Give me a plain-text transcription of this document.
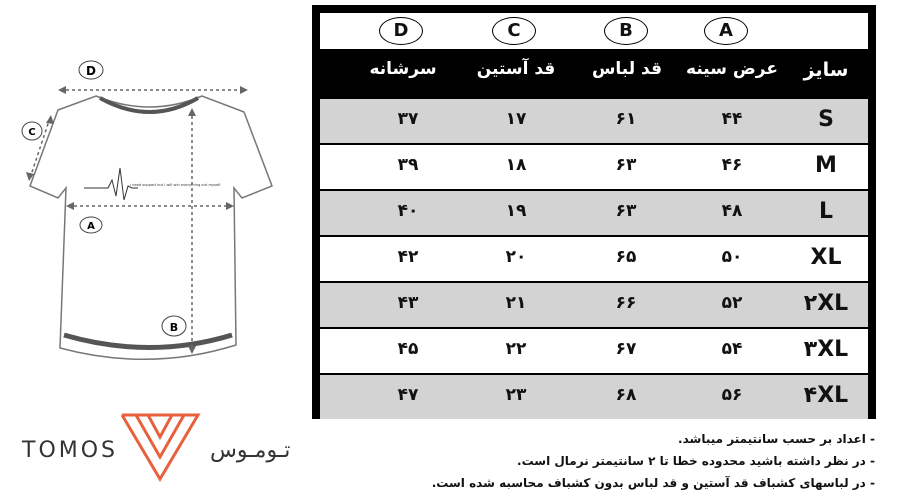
i need support but i will win everything out myself
D
C
A
B
D	C	B	A
سرشانه	قد آستین	قد لباس	عرض سینه	سایز
۳۷	۱۷	۶۱	۴۴	S
۳۹	۱۸	۶۳	۴۶	M
۴۰	۱۹	۶۳	۴۸	L
۴۲	۲۰	۶۵	۵۰	XL
۴۳	۲۱	۶۶	۵۲	۲XL
۴۵	۲۲	۶۷	۵۴	۳XL
۴۷	۲۳	۶۸	۵۶	۴XL
TOMOS	تـومـوس	- اعداد بر حسب سانتیمتر میباشد.
- در نظر داشته باشید محدوده خطا تا ۲ سانتیمتر نرمال است.
- در لباسهای کشباف قد آستین و قد لباس بدون کشباف محاسبه شده است.
